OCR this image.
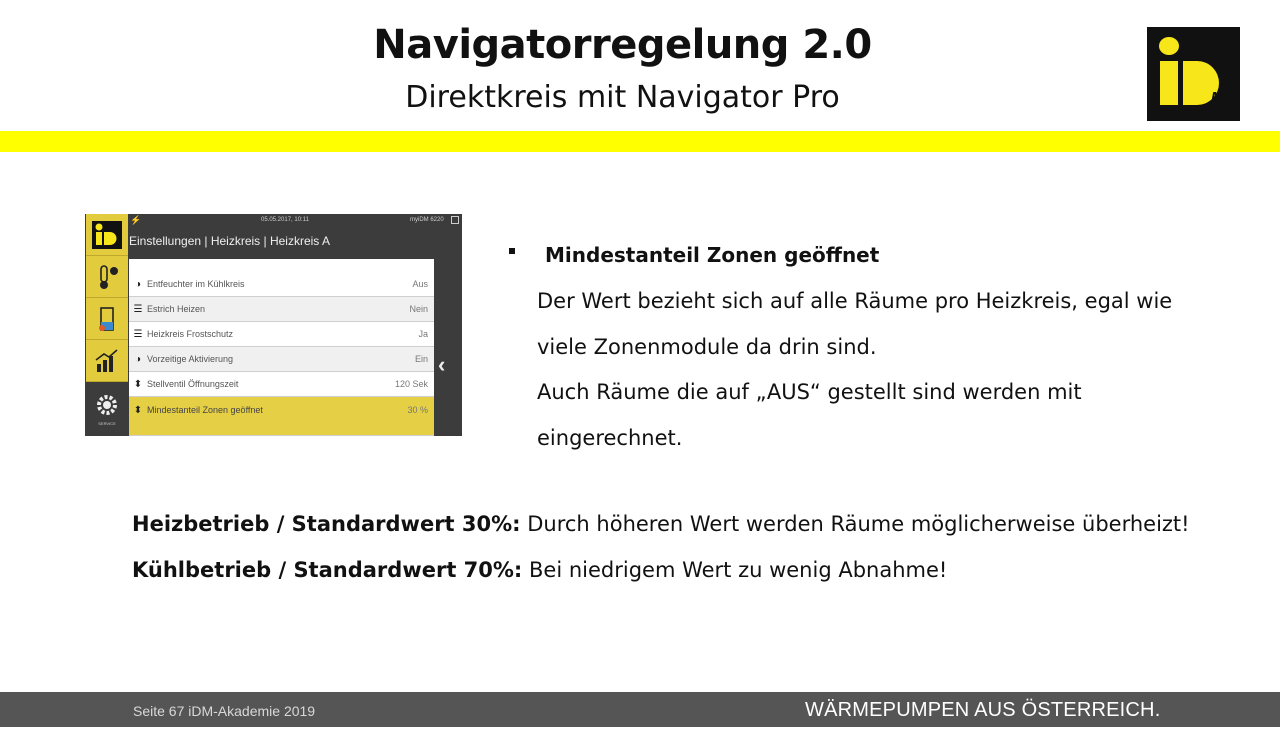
Navigatorregelung 2.0
Direktkreis mit Navigator Pro	M
SERVICE
⚡	05.05.2017, 10:11	myiDM 6220
Einstellungen | Heizkreis | Heizkreis A
◑ Entfeuchter im Kühlkreis	Aus
☰ Estrich Heizen	Nein
☰ Heizkreis Frostschutz	Ja
◑ Vorzeitige Aktivierung	Ein
⬍ Stellventil Öffnungszeit	120 Sek
⬍ Mindestanteil Zonen geöffnet	30 %
‹
Mindestanteil Zonen geöffnet
Der Wert bezieht sich auf alle Räume pro Heizkreis, egal wie
viele Zonenmodule da drin sind.
Auch Räume die auf „AUS“ gestellt sind werden mit
eingerechnet.
Heizbetrieb / Standardwert 30%: Durch höheren Wert werden Räume möglicherweise überheizt!
Kühlbetrieb / Standardwert 70%: Bei niedrigem Wert zu wenig Abnahme!
Seite 67 iDM-Akademie 2019	WÄRMEPUMPEN AUS ÖSTERREICH.
